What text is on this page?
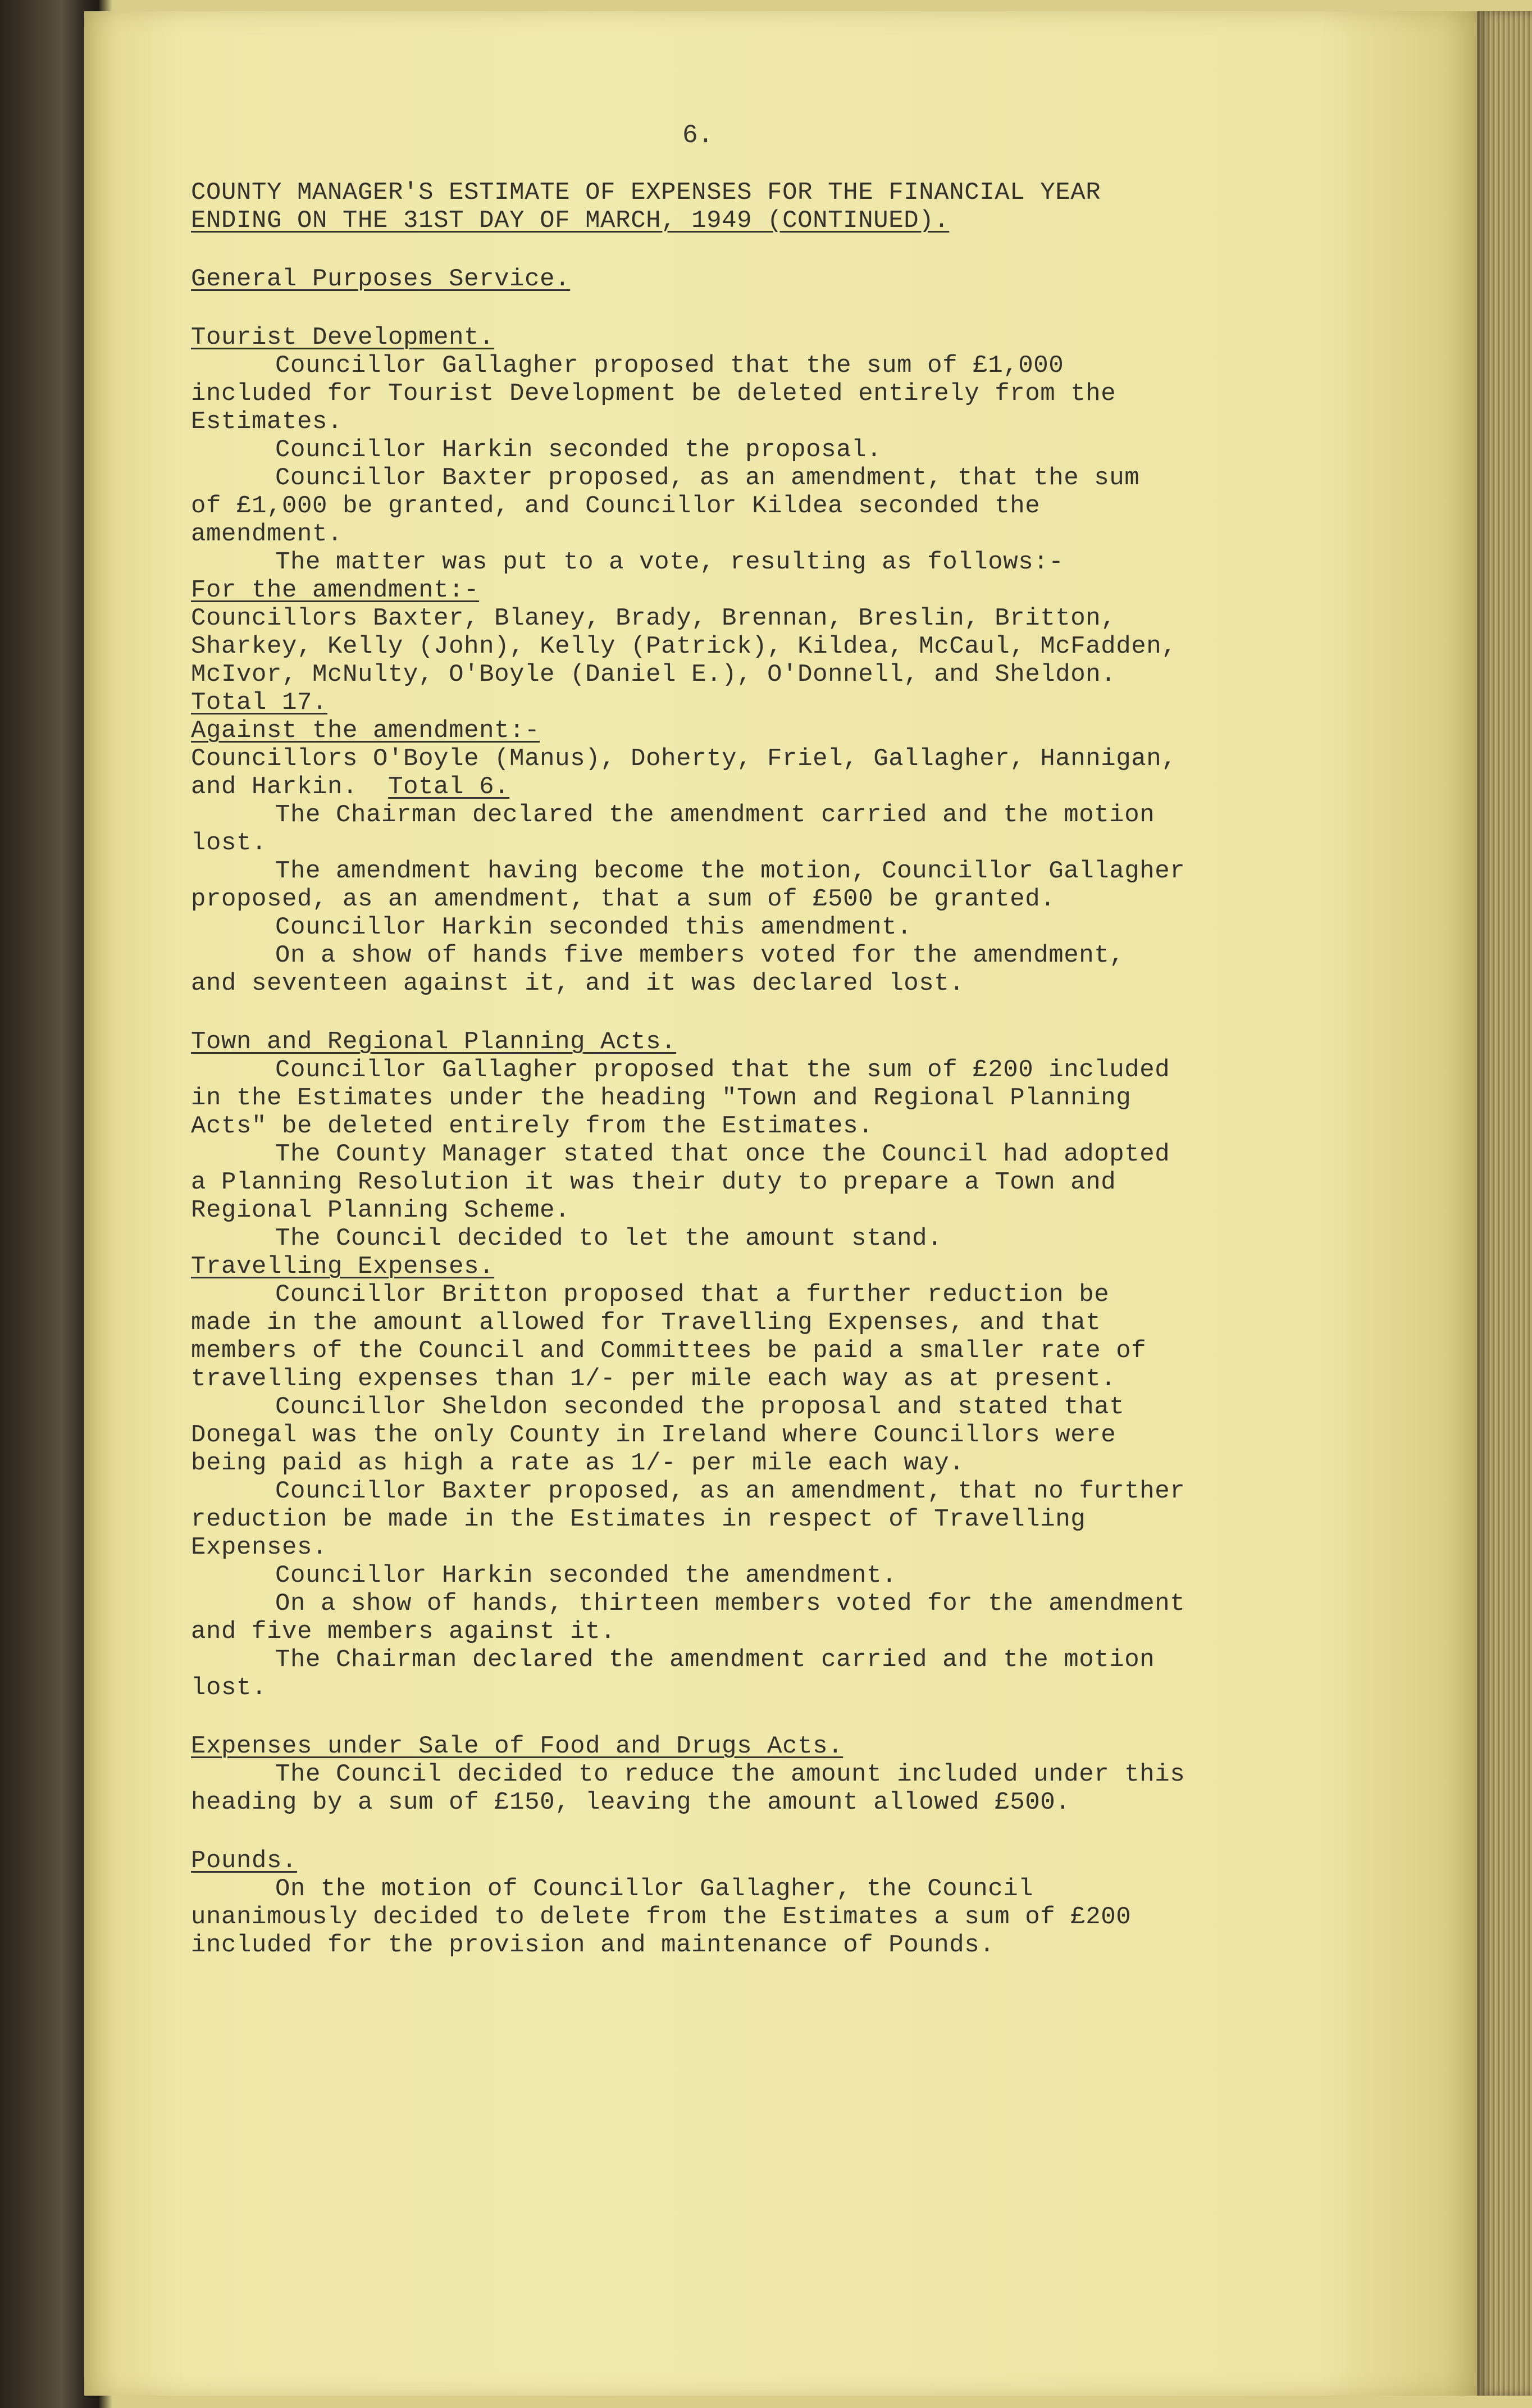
6.

COUNTY MANAGER'S ESTIMATE OF EXPENSES FOR THE FINANCIAL YEAR

ENDING ON THE 31ST DAY OF MARCH, 1949 (CONTINUED).

General Purposes Service.

Tourist Development.

Councillor Gallagher proposed that the sum of £1,000

included for Tourist Development be deleted entirely from the

Estimates.

Councillor Harkin seconded the proposal.

Councillor Baxter proposed, as an amendment, that the sum

of £1,000 be granted, and Councillor Kildea seconded the

amendment.

The matter was put to a vote, resulting as follows:-

For the amendment:-

Councillors Baxter, Blaney, Brady, Brennan, Breslin, Britton,

Sharkey, Kelly (John), Kelly (Patrick), Kildea, McCaul, McFadden,

McIvor, McNulty, O'Boyle (Daniel E.), O'Donnell, and Sheldon.

Total 17.

Against the amendment:-

Councillors O'Boyle (Manus), Doherty, Friel, Gallagher, Hannigan,

and Harkin. Total 6.

The Chairman declared the amendment carried and the motion

lost.

The amendment having become the motion, Councillor Gallagher

proposed, as an amendment, that a sum of £500 be granted.

Councillor Harkin seconded this amendment.

On a show of hands five members voted for the amendment,

and seventeen against it, and it was declared lost.

Town and Regional Planning Acts.

Councillor Gallagher proposed that the sum of £200 included

in the Estimates under the heading "Town and Regional Planning

Acts" be deleted entirely from the Estimates.

The County Manager stated that once the Council had adopted

a Planning Resolution it was their duty to prepare a Town and

Regional Planning Scheme.

The Council decided to let the amount stand.

Travelling Expenses.

Councillor Britton proposed that a further reduction be

made in the amount allowed for Travelling Expenses, and that

members of the Council and Committees be paid a smaller rate of

travelling expenses than 1/- per mile each way as at present.

Councillor Sheldon seconded the proposal and stated that

Donegal was the only County in Ireland where Councillors were

being paid as high a rate as 1/- per mile each way.

Councillor Baxter proposed, as an amendment, that no further

reduction be made in the Estimates in respect of Travelling

Expenses.

Councillor Harkin seconded the amendment.

On a show of hands, thirteen members voted for the amendment

and five members against it.

The Chairman declared the amendment carried and the motion

lost.

Expenses under Sale of Food and Drugs Acts.

The Council decided to reduce the amount included under this

heading by a sum of £150, leaving the amount allowed £500.

Pounds.

On the motion of Councillor Gallagher, the Council

unanimously decided to delete from the Estimates a sum of £200

included for the provision and maintenance of Pounds.
